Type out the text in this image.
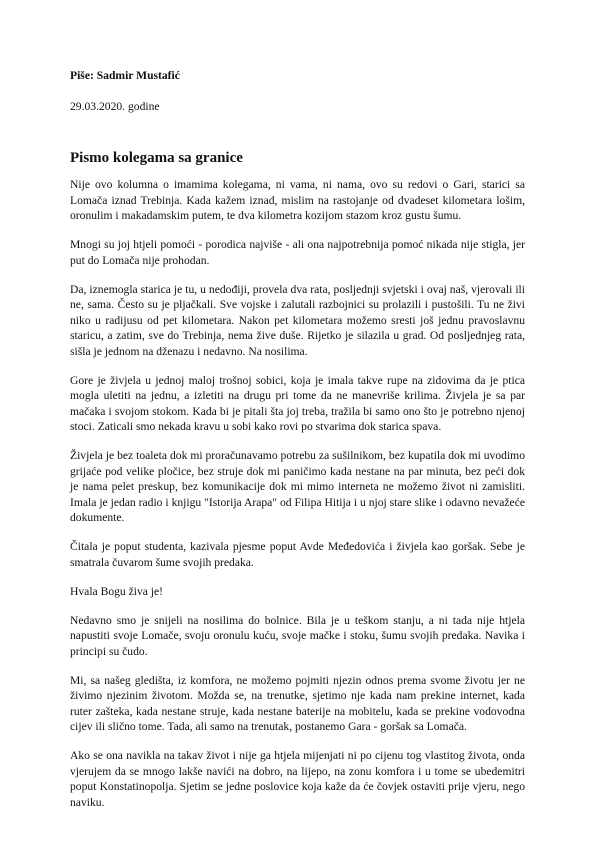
Piše: Sadmir Mustafić
29.03.2020. godine
Pismo kolegama sa granice
Nije ovo kolumna o imamima kolegama, ni vama, ni nama, ovo su redovi o Gari, starici sa Lomača iznad Trebinja. Kada kažem iznad, mislim na rastojanje od dvadeset kilometara lošim, oronulim i makadamskim putem, te dva kilometra kozijom stazom kroz gustu šumu.
Mnogi su joj htjeli pomoći - porodica najviše - ali ona najpotrebnija pomoć nikada nije stigla, jer put do Lomača nije prohodan.
Da, iznemogla starica je tu, u nedođiji, provela dva rata, posljednji svjetski i ovaj naš, vjerovali ili ne, sama. Često su je pljačkali. Sve vojske i zalutali razbojnici su prolazili i pustošili. Tu ne živi niko u radijusu od pet kilometara. Nakon pet kilometara možemo sresti još jednu pravoslavnu staricu, a zatim, sve do Trebinja, nema žive duše. Rijetko je silazila u grad. Od posljednjeg rata, sišla je jednom na dženazu i nedavno. Na nosilima.
Gore je živjela u jednoj maloj trošnoj sobici, koja je imala takve rupe na zidovima da je ptica mogla uletiti na jednu, a izletiti na drugu pri tome da ne manevriše krilima. Živjela je sa par mačaka i svojom stokom. Kada bi je pitali šta joj treba, tražila bi samo ono što je potrebno njenoj stoci. Zaticali smo nekada kravu u sobi kako rovi po stvarima dok starica spava.
Živjela je bez toaleta dok mi proračunavamo potrebu za sušilnikom, bez kupatila dok mi uvodimo grijaće pod velike pločice, bez struje dok mi paničimo kada nestane na par minuta, bez peći dok je nama pelet preskup, bez komunikacije dok mi mimo interneta ne možemo život ni zamisliti. Imala je jedan radio i knjigu "Istorija Arapa" od Filipa Hitija i u njoj stare slike i odavno nevažeće dokumente.
Čitala je poput studenta, kazivala pjesme poput Avde Međedovića i živjela kao goršak. Sebe je smatrala čuvarom šume svojih predaka.
Hvala Bogu živa je!
Nedavno smo je snijeli na nosilima do bolnice. Bila je u teškom stanju, a ni tada nije htjela napustiti svoje Lomače, svoju oronulu kuću, svoje mačke i stoku, šumu svojih predaka. Navika i principi su čudo.
Mi, sa našeg gledišta, iz komfora, ne možemo pojmiti njezin odnos prema svome životu jer ne živimo njezinim životom. Možda se, na trenutke, sjetimo nje kada nam prekine internet, kada ruter zašteka, kada nestane struje, kada nestane baterije na mobitelu, kada se prekine vodovodna cijev ili slično tome. Tada, ali samo na trenutak, postanemo Gara - goršak sa Lomača.
Ako se ona navikla na takav život i nije ga htjela mijenjati ni po cijenu tog vlastitog života, onda vjerujem da se mnogo lakše navići na dobro, na lijepo, na zonu komfora i u tome se ubedemitri poput Konstatinopolja. Sjetim se jedne poslovice koja kaže da će čovjek ostaviti prije vjeru, nego naviku.
